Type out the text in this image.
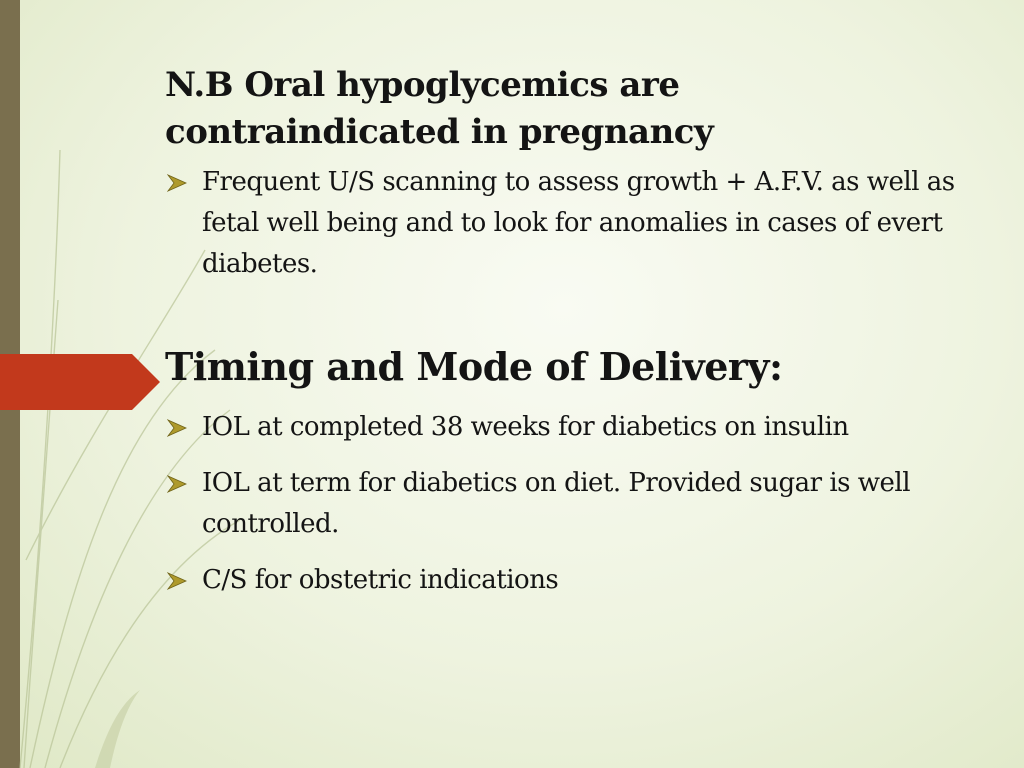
N.B Oral hypoglycemics are contraindicated in pregnancy
Frequent U/S scanning to assess growth + A.F.V. as well as fetal well being and to look for anomalies in cases of evert diabetes.
Timing and Mode of Delivery:
IOL at completed 38 weeks for diabetics on insulin
IOL at term for diabetics on diet. Provided sugar is well controlled.
C/S for obstetric indications
